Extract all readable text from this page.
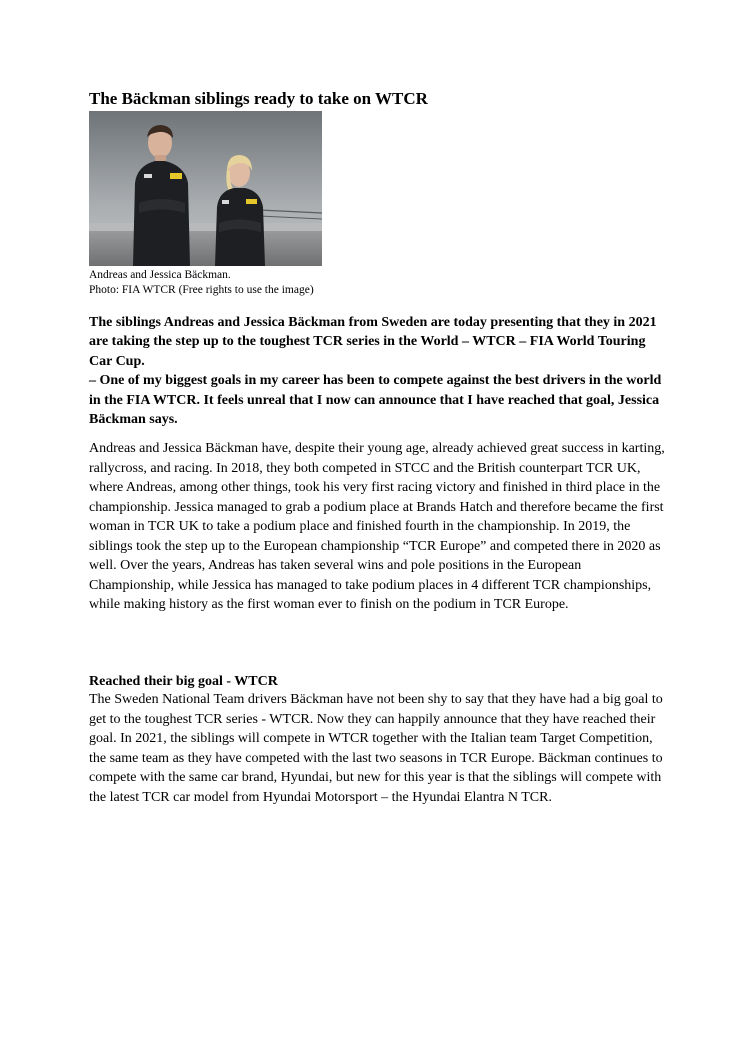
The Bäckman siblings ready to take on WTCR
Andreas and Jessica Bäckman.
Photo: FIA WTCR (Free rights to use the image)

The siblings Andreas and Jessica Bäckman from Sweden are today presenting that they in 2021 are taking the step up to the toughest TCR series in the World – WTCR – FIA World Touring Car Cup.

– One of my biggest goals in my career has been to compete against the best drivers in the world in the FIA WTCR. It feels unreal that I now can announce that I have reached that goal, Jessica Bäckman says.

Andreas and Jessica Bäckman have, despite their young age, already achieved great success in karting, rallycross, and racing. In 2018, they both competed in STCC and the British counterpart TCR UK, where Andreas, among other things, took his very first racing victory and finished in third place in the championship. Jessica managed to grab a podium place at Brands Hatch and therefore became the first woman in TCR UK to take a podium place and finished fourth in the championship. In 2019, the siblings took the step up to the European championship “TCR Europe” and competed there in 2020 as well. Over the years, Andreas has taken several wins and pole positions in the European Championship, while Jessica has managed to take podium places in 4 different TCR championships, while making history as the first woman ever to finish on the podium in TCR Europe.

Reached their big goal - WTCR

The Sweden National Team drivers Bäckman have not been shy to say that they have had a big goal to get to the toughest TCR series - WTCR. Now they can happily announce that they have reached their goal. In 2021, the siblings will compete in WTCR together with the Italian team Target Competition, the same team as they have competed with the last two seasons in TCR Europe. Bäckman continues to compete with the same car brand, Hyundai, but new for this year is that the siblings will compete with the latest TCR car model from Hyundai Motorsport – the Hyundai Elantra N TCR.
